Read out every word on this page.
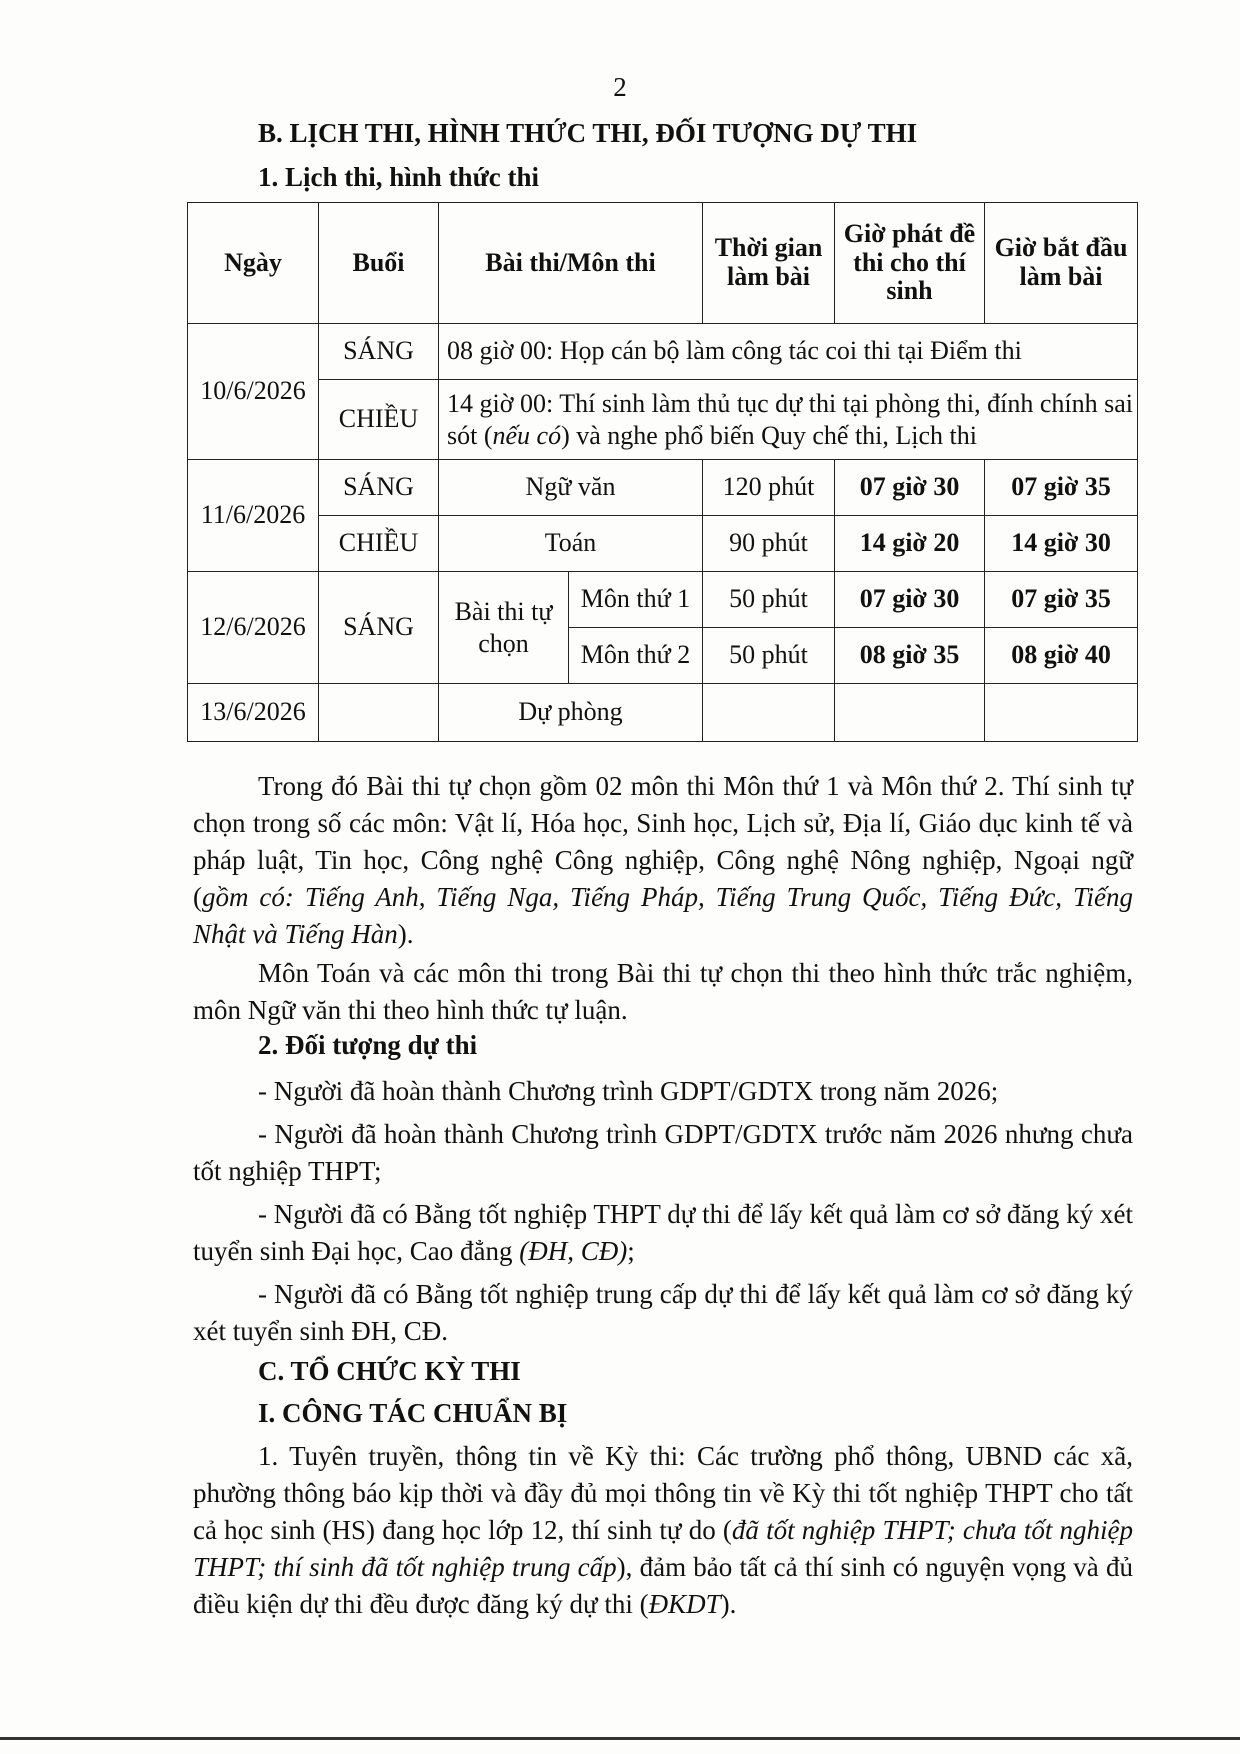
2
B. LỊCH THI, HÌNH THỨC THI, ĐỐI TƯỢNG DỰ THI
1. Lịch thi, hình thức thi
Ngày	Buổi	Bài thi/Môn thi		Thời gian làm bài	Giờ phát đề thi cho thí sinh	Giờ bắt đầu làm bài
10/6/2026	SÁNG	08 giờ 00: Họp cán bộ làm công tác coi thi tại Điểm thi				
	CHIỀU	14 giờ 00: Thí sinh làm thủ tục dự thi tại phòng thi, đính chính sai sót (nếu có) và nghe phổ biến Quy chế thi, Lịch thi				
11/6/2026	SÁNG	Ngữ văn		120 phút	07 giờ 30	07 giờ 35
	CHIỀU	Toán		90 phút	14 giờ 20	14 giờ 30
12/6/2026	SÁNG	Bài thi tự chọn	Môn thứ 1	50 phút	07 giờ 30	07 giờ 35
			Môn thứ 2	50 phút	08 giờ 35	08 giờ 40
13/6/2026		Dự phòng				
Trong đó Bài thi tự chọn gồm 02 môn thi Môn thứ 1 và Môn thứ 2. Thí sinh tự chọn trong số các môn: Vật lí, Hóa học, Sinh học, Lịch sử, Địa lí, Giáo dục kinh tế và pháp luật, Tin học, Công nghệ Công nghiệp, Công nghệ Nông nghiệp, Ngoại ngữ (gồm có: Tiếng Anh, Tiếng Nga, Tiếng Pháp, Tiếng Trung Quốc, Tiếng Đức, Tiếng Nhật và Tiếng Hàn).
Môn Toán và các môn thi trong Bài thi tự chọn thi theo hình thức trắc nghiệm, môn Ngữ văn thi theo hình thức tự luận.
2. Đối tượng dự thi
- Người đã hoàn thành Chương trình GDPT/GDTX trong năm 2026;
- Người đã hoàn thành Chương trình GDPT/GDTX trước năm 2026 nhưng chưa tốt nghiệp THPT;
- Người đã có Bằng tốt nghiệp THPT dự thi để lấy kết quả làm cơ sở đăng ký xét tuyển sinh Đại học, Cao đẳng (ĐH, CĐ);
- Người đã có Bằng tốt nghiệp trung cấp dự thi để lấy kết quả làm cơ sở đăng ký xét tuyển sinh ĐH, CĐ.
C. TỔ CHỨC KỲ THI
I. CÔNG TÁC CHUẨN BỊ
1. Tuyên truyền, thông tin về Kỳ thi: Các trường phổ thông, UBND các xã, phường thông báo kịp thời và đầy đủ mọi thông tin về Kỳ thi tốt nghiệp THPT cho tất cả học sinh (HS) đang học lớp 12, thí sinh tự do (đã tốt nghiệp THPT; chưa tốt nghiệp THPT; thí sinh đã tốt nghiệp trung cấp), đảm bảo tất cả thí sinh có nguyện vọng và đủ điều kiện dự thi đều được đăng ký dự thi (ĐKDT).
